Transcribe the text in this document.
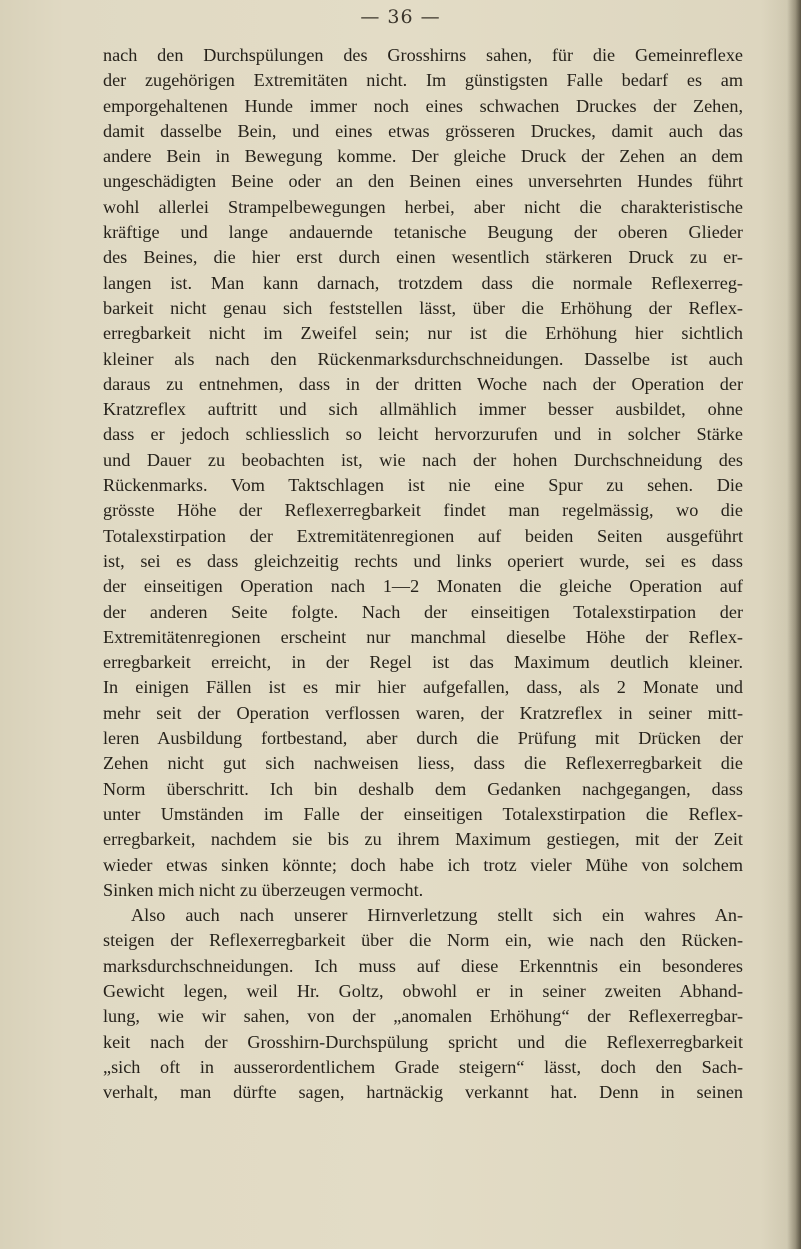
— 36 —
nach den Durchspülungen des Grosshirns sahen, für die Gemeinreflexe
der zugehörigen Extremitäten nicht. Im günstigsten Falle bedarf es am
emporgehaltenen Hunde immer noch eines schwachen Druckes der Zehen,
damit dasselbe Bein, und eines etwas grösseren Druckes, damit auch das
andere Bein in Bewegung komme. Der gleiche Druck der Zehen an dem
ungeschädigten Beine oder an den Beinen eines unversehrten Hundes führt
wohl allerlei Strampelbewegungen herbei, aber nicht die charakteristische
kräftige und lange andauernde tetanische Beugung der oberen Glieder
des Beines, die hier erst durch einen wesentlich stärkeren Druck zu er-
langen ist. Man kann darnach, trotzdem dass die normale Reflexerreg-
barkeit nicht genau sich feststellen lässt, über die Erhöhung der Reflex-
erregbarkeit nicht im Zweifel sein; nur ist die Erhöhung hier sichtlich
kleiner als nach den Rückenmarksdurchschneidungen. Dasselbe ist auch
daraus zu entnehmen, dass in der dritten Woche nach der Operation der
Kratzreflex auftritt und sich allmählich immer besser ausbildet, ohne
dass er jedoch schliesslich so leicht hervorzurufen und in solcher Stärke
und Dauer zu beobachten ist, wie nach der hohen Durchschneidung des
Rückenmarks. Vom Taktschlagen ist nie eine Spur zu sehen. Die
grösste Höhe der Reflexerregbarkeit findet man regelmässig, wo die
Totalexstirpation der Extremitätenregionen auf beiden Seiten ausgeführt
ist, sei es dass gleichzeitig rechts und links operiert wurde, sei es dass
der einseitigen Operation nach 1—2 Monaten die gleiche Operation auf
der anderen Seite folgte. Nach der einseitigen Totalexstirpation der
Extremitätenregionen erscheint nur manchmal dieselbe Höhe der Reflex-
erregbarkeit erreicht, in der Regel ist das Maximum deutlich kleiner.
In einigen Fällen ist es mir hier aufgefallen, dass, als 2 Monate und
mehr seit der Operation verflossen waren, der Kratzreflex in seiner mitt-
leren Ausbildung fortbestand, aber durch die Prüfung mit Drücken der
Zehen nicht gut sich nachweisen liess, dass die Reflexerregbarkeit die
Norm überschritt. Ich bin deshalb dem Gedanken nachgegangen, dass
unter Umständen im Falle der einseitigen Totalexstirpation die Reflex-
erregbarkeit, nachdem sie bis zu ihrem Maximum gestiegen, mit der Zeit
wieder etwas sinken könnte; doch habe ich trotz vieler Mühe von solchem
Sinken mich nicht zu überzeugen vermocht.
Also auch nach unserer Hirnverletzung stellt sich ein wahres An-
steigen der Reflexerregbarkeit über die Norm ein, wie nach den Rücken-
marksdurchschneidungen. Ich muss auf diese Erkenntnis ein besonderes
Gewicht legen, weil Hr. Goltz, obwohl er in seiner zweiten Abhand-
lung, wie wir sahen, von der „anomalen Erhöhung“ der Reflexerregbar-
keit nach der Grosshirn-Durchspülung spricht und die Reflexerregbarkeit
„sich oft in ausserordentlichem Grade steigern“ lässt, doch den Sach-
verhalt, man dürfte sagen, hartnäckig verkannt hat. Denn in seinen
